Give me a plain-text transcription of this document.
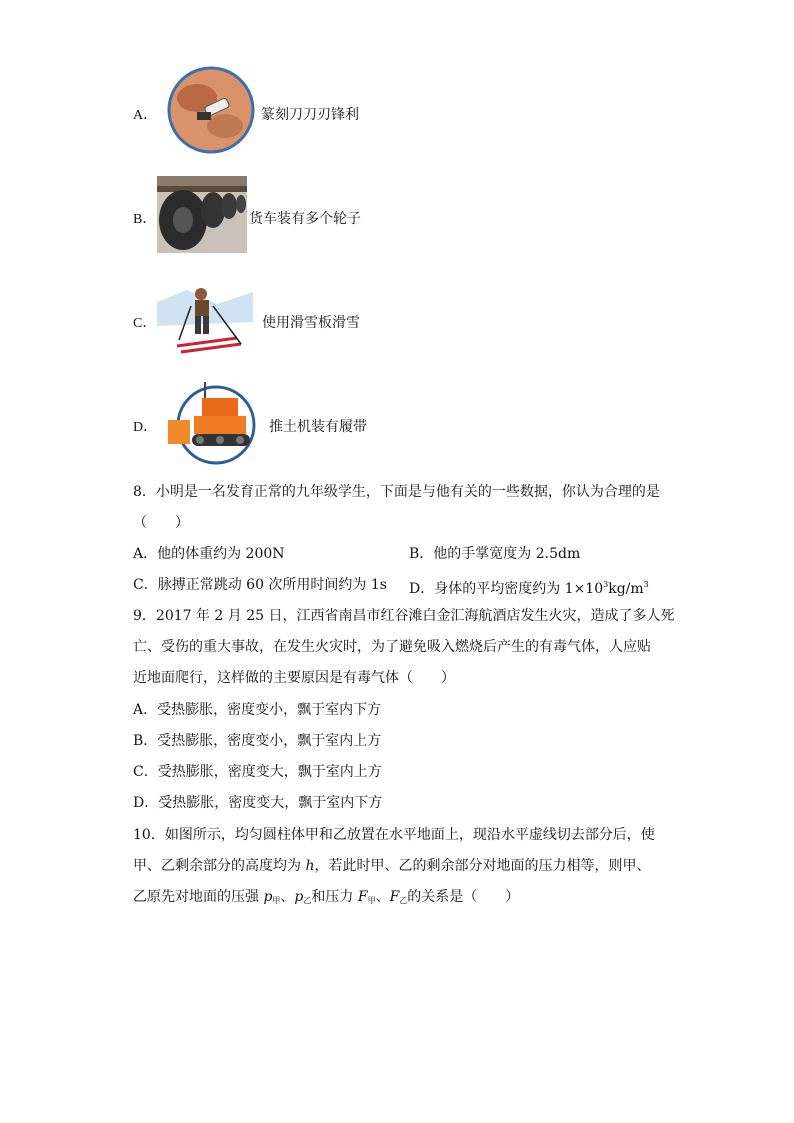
A．	篆刻刀刀刃锋利
B．	货车装有多个轮子
C．	使用滑雪板滑雪
D．	推土机装有履带
8．小明是一名发育正常的九年级学生，下面是与他有关的一些数据，你认为合理的是
（　　）
A．他的体重约为 200N	B．他的手掌宽度为 2.5dm
C．脉搏正常跳动 60 次所用时间约为 1s D．身体的平均密度约为 $1\times 10^3kg/m^3$
9．2017 年 2 月 25 日，江西省南昌市红谷滩白金汇海航酒店发生火灾，造成了多人死
亡、受伤的重大事故，在发生火灾时，为了避免吸入燃烧后产生的有毒气体，人应贴
近地面爬行，这样做的主要原因是有毒气体（　　）
A．受热膨胀，密度变小，飘于室内下方
B．受热膨胀，密度变小，飘于室内上方
C．受热膨胀，密度变大，飘于室内上方
D．受热膨胀，密度变大，飘于室内下方
10．如图所示，均匀圆柱体甲和乙放置在水平地面上，现沿水平虚线切去部分后，使
甲、乙剩余部分的高度均为 h，若此时甲、乙的剩余部分对地面的压力相等，则甲、
乙原先对地面的压强 $p_甲$、$p_乙$和压力 $F_甲$、$F_乙$的关系是（　　）
